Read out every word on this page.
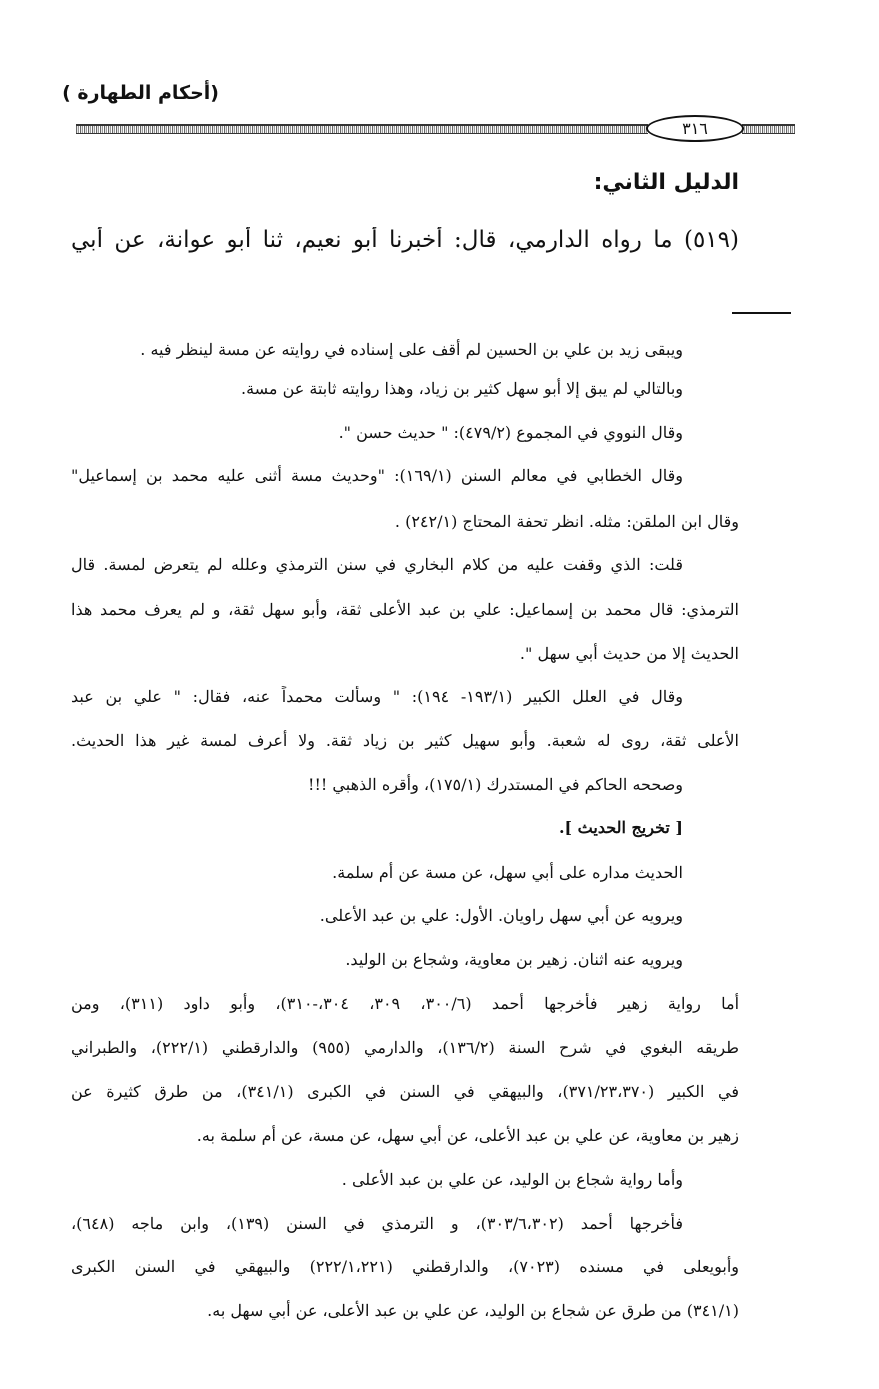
(أحكام الطهارة )
٣١٦
الدليل الثاني:
(٥١٩) ما رواه الدارمي، قال: أخبرنا أبو نعيم، ثنا أبو عوانة، عن أبي
ويبقى زيد بن علي بن الحسين لم أقف على إسناده في روايته عن مسة لينظر فيه .
وبالتالي لم يبق إلا أبو سهل كثير بن زياد، وهذا روايته ثابتة عن مسة.
وقال النووي في المجموع (٤٧٩/٢): " حديث حسن ".
وقال الخطابي في معالم السنن (١٦٩/١): "وحديث مسة أثنى عليه محمد بن إسماعيل"
وقال ابن الملقن: مثله. انظر تحفة المحتاج (٢٤٢/١) .
قلت: الذي وقفت عليه من كلام البخاري في سنن الترمذي وعلله لم يتعرض لمسة. قال
الترمذي: قال محمد بن إسماعيل: علي بن عبد الأعلى ثقة، وأبو سهل ثقة، و لم يعرف محمد هذا
الحديث إلا من حديث أبي سهل ".
وقال في العلل الكبير (١٩٣/١- ١٩٤): " وسألت محمداً عنه، فقال: " علي بن عبد
الأعلى ثقة، روى له شعبة. وأبو سهيل كثير بن زياد ثقة. ولا أعرف لمسة غير هذا الحديث.
وصححه الحاكم في المستدرك (١٧٥/١)، وأقره الذهبي !!!
[ تخريج الحديث ].
الحديث مداره على أبي سهل، عن مسة عن أم سلمة.
ويرويه عن أبي سهل راويان. الأول: علي بن عبد الأعلى.
ويرويه عنه اثنان. زهير بن معاوية، وشجاع بن الوليد.
أما رواية زهير فأخرجها أحمد (٣٠٠/٦، ٣٠٩، ٣٠٤،-٣١٠)، وأبو داود (٣١١)، ومن
طريقه البغوي في شرح السنة (١٣٦/٢)، والدارمي (٩٥٥) والدارقطني (٢٢٢/١)، والطبراني
في الكبير (٣٧١/٢٣،٣٧٠)، والبيهقي في السنن في الكبرى (٣٤١/١)، من طرق كثيرة عن
زهير بن معاوية، عن علي بن عبد الأعلى، عن أبي سهل، عن مسة، عن أم سلمة به.
وأما رواية شجاع بن الوليد، عن علي بن عبد الأعلى .
فأخرجها أحمد (٣٠٣/٦،٣٠٢)، و الترمذي في السنن (١٣٩)، وابن ماجه (٦٤٨)،
وأبويعلى في مسنده (٧٠٢٣)، والدارقطني (٢٢٢/١،٢٢١) والبيهقي في السنن الكبرى
(٣٤١/١) من طرق عن شجاع بن الوليد، عن علي بن عبد الأعلى، عن أبي سهل به.
